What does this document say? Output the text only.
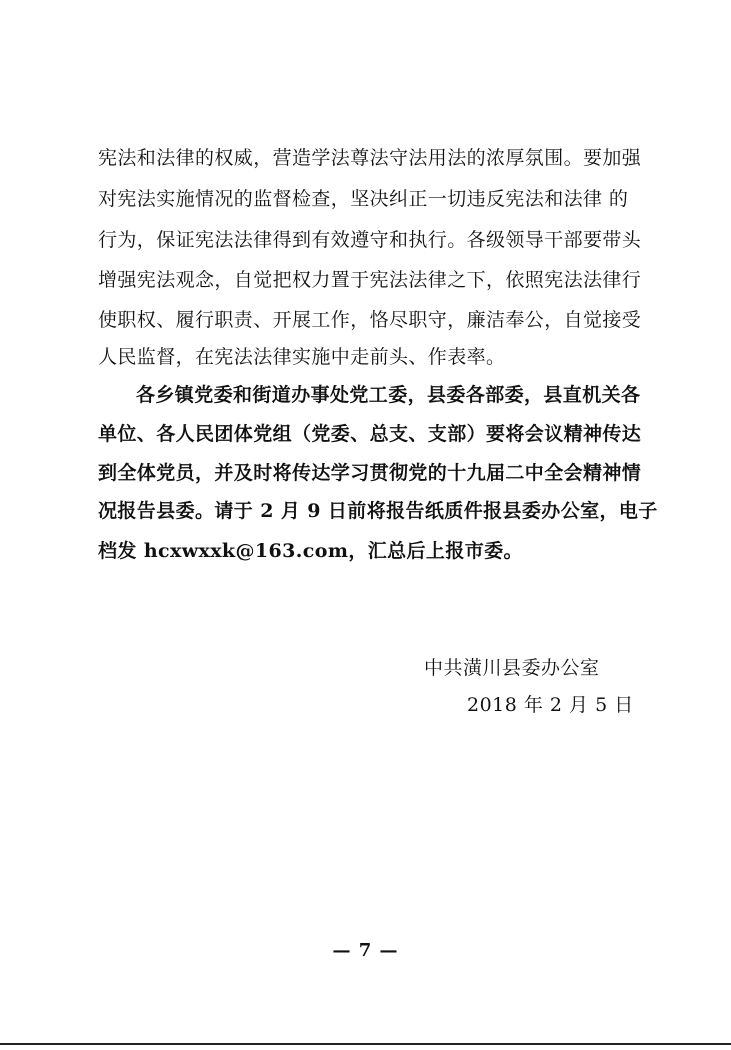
宪法和法律的权威，营造学法尊法守法用法的浓厚氛围。要加强
对宪法实施情况的监督检查，坚决纠正一切违反宪法和法律 的
行为，保证宪法法律得到有效遵守和执行。各级领导干部要带头
增强宪法观念，自觉把权力置于宪法法律之下，依照宪法法律行
使职权、履行职责、开展工作，恪尽职守，廉洁奉公，自觉接受
人民监督，在宪法法律实施中走前头、作表率。
各乡镇党委和街道办事处党工委，县委各部委，县直机关各
单位、各人民团体党组（党委、总支、支部）要将会议精神传达
到全体党员，并及时将传达学习贯彻党的十九届二中全会精神情
况报告县委。请于 2 月 9 日前将报告纸质件报县委办公室，电子
档发 hcxwxxk@163.com，汇总后上报市委。
中共潢川县委办公室
2018 年 2 月 5 日
— 7 —
